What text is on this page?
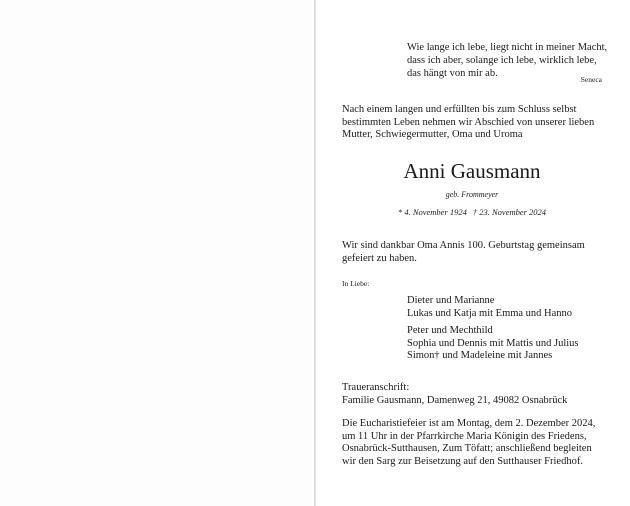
Wie lange ich lebe, liegt nicht in meiner Macht,
dass ich aber, solange ich lebe, wirklich lebe,
das hängt von mir ab.
Seneca
Nach einem langen und erfüllten bis zum Schluss selbst
bestimmten Leben nehmen wir Abschied von unserer lieben
Mutter, Schwiegermutter, Oma und Uroma
Anni Gausmann
geb. Frommeyer
* 4. November 1924 † 23. November 2024
Wir sind dankbar Oma Annis 100. Geburtstag gemeinsam
gefeiert zu haben.
In Liebe:
Dieter und Marianne
Lukas und Katja mit Emma und Hanno
Peter und Mechthild
Sophia und Dennis mit Mattis und Julius
Simon† und Madeleine mit Jannes
Traueranschrift:
Familie Gausmann, Damenweg 21, 49082 Osnabrück
Die Eucharistiefeier ist am Montag, dem 2. Dezember 2024,
um 11 Uhr in der Pfarrkirche Maria Königin des Friedens,
Osnabrück-Sutthausen, Zum Töfatt; anschließend begleiten
wir den Sarg zur Beisetzung auf den Sutthauser Friedhof.
